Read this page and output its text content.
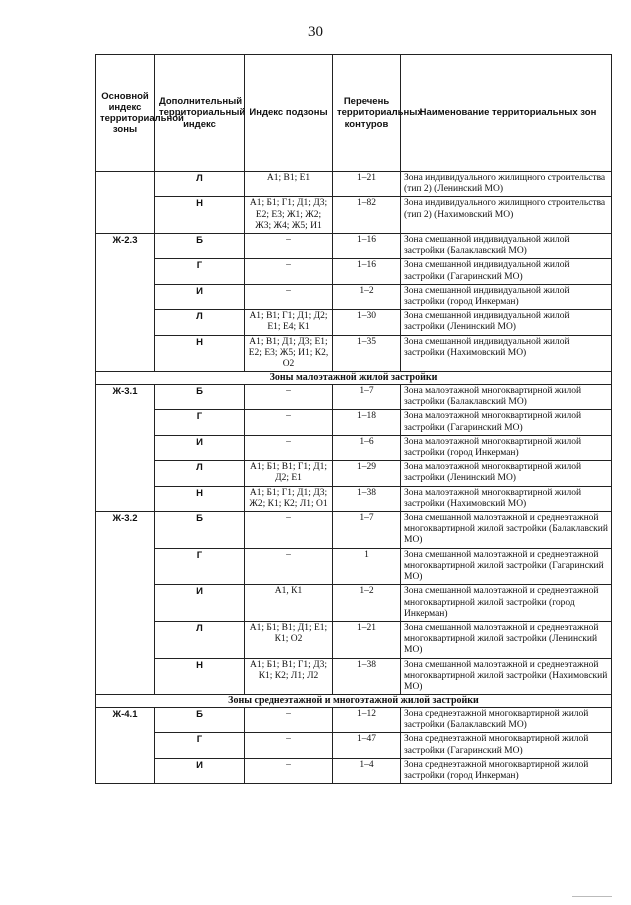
30
Основной индекс территориальной зоны	Дополнительный территориальный индекс	Индекс подзоны	Перечень территориальных контуров	Наименование территориальных зон
	Л	А1; В1; Е1	1–21	Зона индивидуального жилищного строительства (тип 2) (Ленинский МО)
	Н	А1; Б1; Г1; Д1; Д3; Е2; Е3; Ж1; Ж2; Ж3; Ж4; Ж5; И1	1–82	Зона индивидуального жилищного строительства (тип 2) (Нахимовский МО)
Ж-2.3	Б	–	1–16	Зона смешанной индивидуальной жилой застройки (Балаклавский МО)
	Г	–	1–16	Зона смешанной индивидуальной жилой застройки (Гагаринский МО)
	И	–	1–2	Зона смешанной индивидуальной жилой застройки (город Инкерман)
	Л	А1; В1; Г1; Д1; Д2; Е1; Е4; К1	1–30	Зона смешанной индивидуальной жилой застройки (Ленинский МО)
	Н	А1; В1; Д1; Д3; Е1; Е2; Е3; Ж5; И1; К2, О2	1–35	Зона смешанной индивидуальной жилой застройки (Нахимовский МО)
Зоны малоэтажной жилой застройки				
Ж-3.1	Б	–	1–7	Зона малоэтажной многоквартирной жилой застройки (Балаклавский МО)
	Г	–	1–18	Зона малоэтажной многоквартирной жилой застройки (Гагаринский МО)
	И	–	1–6	Зона малоэтажной многоквартирной жилой застройки (город Инкерман)
	Л	А1; Б1; В1; Г1; Д1; Д2; Е1	1–29	Зона малоэтажной многоквартирной жилой застройки (Ленинский МО)
	Н	А1; Б1; Г1; Д1; Д3; Ж2; К1; К2; Л1; О1	1–38	Зона малоэтажной многоквартирной жилой застройки (Нахимовский МО)
Ж-3.2	Б	–	1–7	Зона смешанной малоэтажной и среднеэтажной многоквартирной жилой застройки (Балаклавский МО)
	Г	–	1	Зона смешанной малоэтажной и среднеэтажной многоквартирной жилой застройки (Гагаринский МО)
	И	А1, К1	1–2	Зона смешанной малоэтажной и среднеэтажной многоквартирной жилой застройки (город Инкерман)
	Л	А1; Б1; В1; Д1; Е1; К1; О2	1–21	Зона смешанной малоэтажной и среднеэтажной многоквартирной жилой застройки (Ленинский МО)
	Н	А1; Б1; В1; Г1; Д3; К1; К2; Л1; Л2	1–38	Зона смешанной малоэтажной и среднеэтажной многоквартирной жилой застройки (Нахимовский МО)
Зоны среднеэтажной и многоэтажной жилой застройки				
Ж-4.1	Б	–	1–12	Зона среднеэтажной многоквартирной жилой застройки (Балаклавский МО)
	Г	–	1–47	Зона среднеэтажной многоквартирной жилой застройки (Гагаринский МО)
	И	–	1–4	Зона среднеэтажной многоквартирной жилой застройки (город Инкерман)
